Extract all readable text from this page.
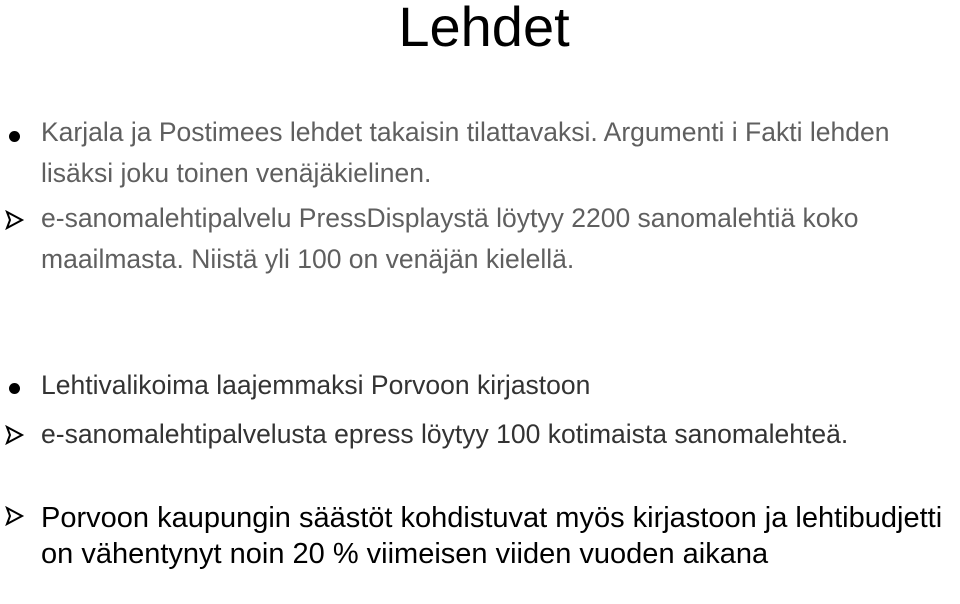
Lehdet

Karjala ja Postimees lehdet takaisin tilattavaksi. Argumenti i Fakti lehden lisäksi joku toinen venäjäkielinen.

e-sanomalehtipalvelu PressDisplaystä löytyy 2200 sanomalehtiä koko maailmasta. Niistä yli 100 on venäjän kielellä.

Lehtivalikoima laajemmaksi Porvoon kirjastoon

e-sanomalehtipalvelusta epress löytyy 100 kotimaista sanomalehteä.

Porvoon kaupungin säästöt kohdistuvat myös kirjastoon ja lehtibudjetti on vähentynyt noin 20 % viimeisen viiden vuoden aikana
